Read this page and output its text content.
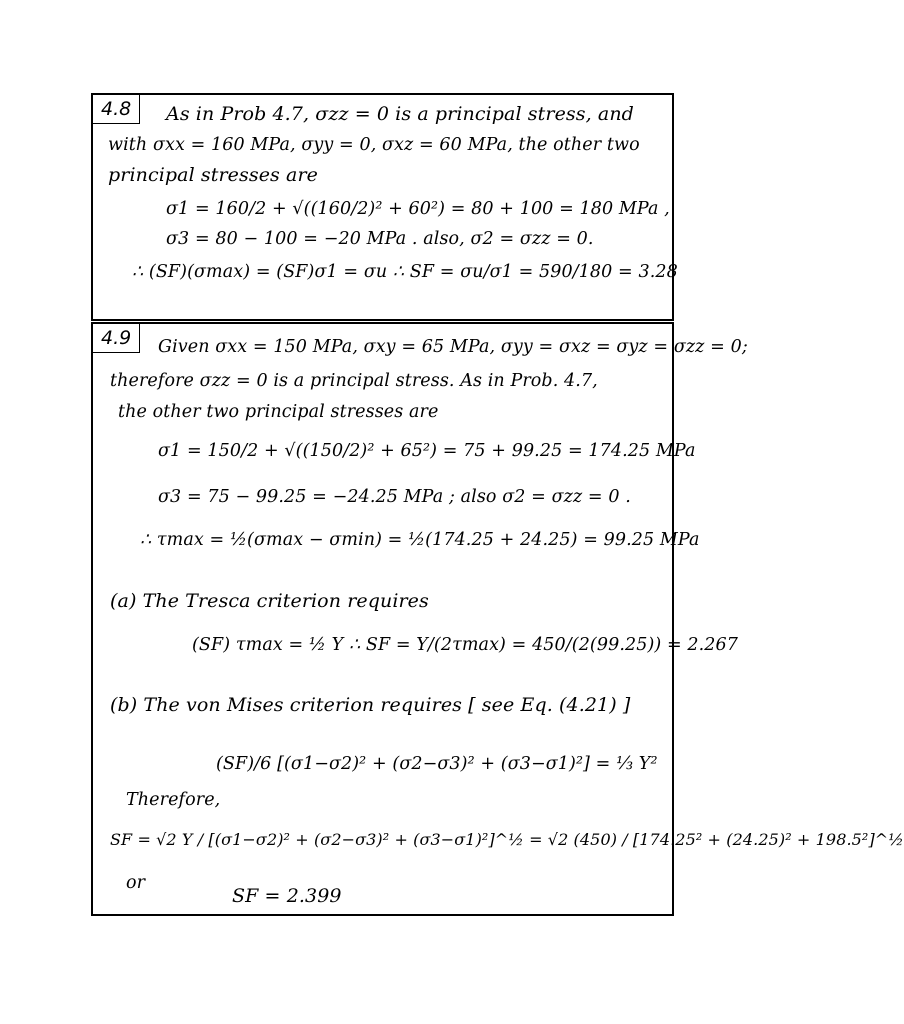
4.8	As in Prob 4.7, σzz = 0 is a principal stress, and
with σxx = 160 MPa, σyy = 0, σxz = 60 MPa, the other two
principal stresses are
σ1 = 160/2 + √((160/2)² + 60²) = 80 + 100 = 180 MPa ,
σ3 = 80 − 100 = −20 MPa . also, σ2 = σzz = 0.
∴ (SF)(σmax) = (SF)σ1 = σu ∴ SF = σu/σ1 = 590/180 = 3.28
4.9	Given σxx = 150 MPa, σxy = 65 MPa, σyy = σxz = σyz = σzz = 0;
therefore σzz = 0 is a principal stress. As in Prob. 4.7,
the other two principal stresses are
σ1 = 150/2 + √((150/2)² + 65²) = 75 + 99.25 = 174.25 MPa
σ3 = 75 − 99.25 = −24.25 MPa ; also σ2 = σzz = 0 .
∴ τmax = ½(σmax − σmin) = ½(174.25 + 24.25) = 99.25 MPa
(a) The Tresca criterion requires
(SF) τmax = ½ Y ∴ SF = Y/(2τmax) = 450/(2(99.25)) = 2.267
(b) The von Mises criterion requires [ see Eq. (4.21) ]
(SF)/6 [(σ1−σ2)² + (σ2−σ3)² + (σ3−σ1)²] = ⅓ Y²
Therefore,
SF = √2 Y / [(σ1−σ2)² + (σ2−σ3)² + (σ3−σ1)²]^½ = √2 (450) / [174.25² + (24.25)² + 198.5²]^½
or
SF = 2.399
